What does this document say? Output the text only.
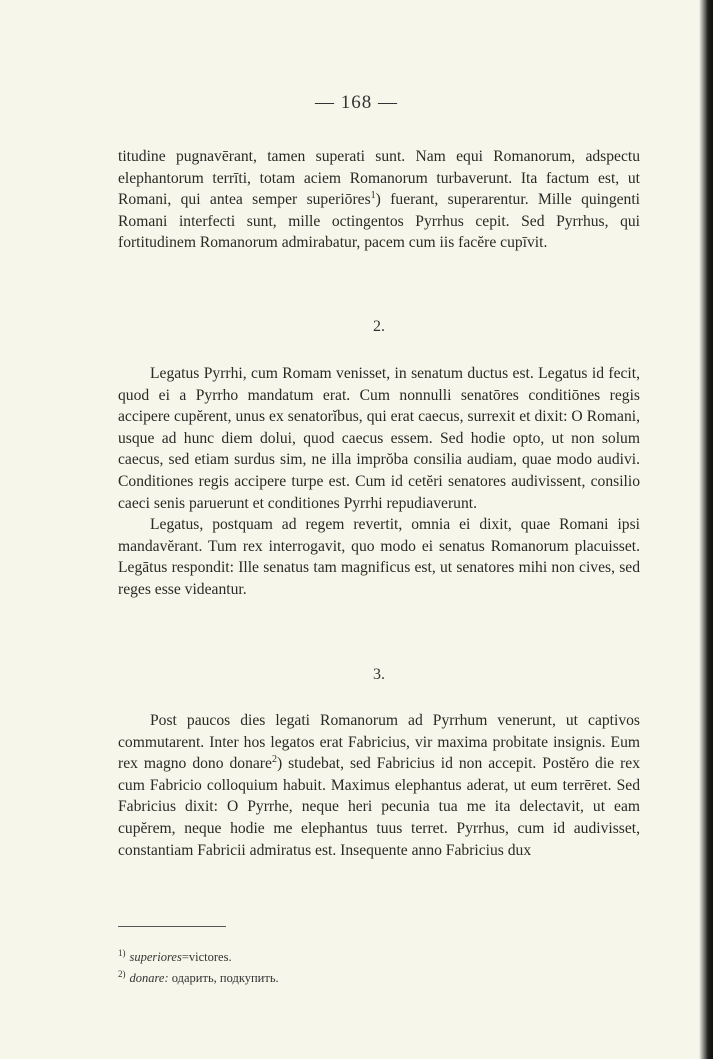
— 168 —

titudine pugnavērant, tamen superati sunt. Nam equi Romanorum, adspectu elephantorum terrīti, totam aciem Romanorum turbaverunt. Ita factum est, ut Romani, qui antea semper superiōres$^1$) fuerant, superarentur. Mille quingenti Romani interfecti sunt, mille octingentos Pyrrhus cepit. Sed Pyrrhus, qui fortitudinem Romanorum admirabatur, pacem cum iis facĕre cupīvit.

2.

Legatus Pyrrhi, cum Romam venisset, in senatum ductus est. Legatus id fecit, quod ei a Pyrrho mandatum erat. Cum nonnulli senatōres conditiōnes regis accipere cupĕrent, unus ex senatorĭbus, qui erat caecus, surrexit et dixit: O Romani, usque ad hunc diem dolui, quod caecus essem. Sed hodie opto, ut non solum caecus, sed etiam surdus sim, ne illa imprŏba consilia audiam, quae modo audivi. Conditiones regis accipere turpe est. Cum id cetĕri senatores audivissent, consilio caeci senis paruerunt et conditiones Pyrrhi repudiaverunt.

Legatus, postquam ad regem revertit, omnia ei dixit, quae Romani ipsi mandavĕrant. Tum rex interrogavit, quo modo ei senatus Romanorum placuisset. Legātus respondit: Ille senatus tam magnificus est, ut senatores mihi non cives, sed reges esse videantur.

3.

Post paucos dies legati Romanorum ad Pyrrhum venerunt, ut captivos commutarent. Inter hos legatos erat Fabricius, vir maxima probitate insignis. Eum rex magno dono donare$^2$) studebat, sed Fabricius id non accepit. Postĕro die rex cum Fabricio colloquium habuit. Maximus elephantus aderat, ut eum terrēret. Sed Fabricius dixit: O Pyrrhe, neque heri pecunia tua me ita delectavit, ut eam cupĕrem, neque hodie me elephantus tuus terret. Pyrrhus, cum id audivisset, constantiam Fabricii admiratus est. Insequente anno Fabricius dux

$^{1)}$ superiores=victores.
$^{2)}$ donare: одарить, подкупить.
